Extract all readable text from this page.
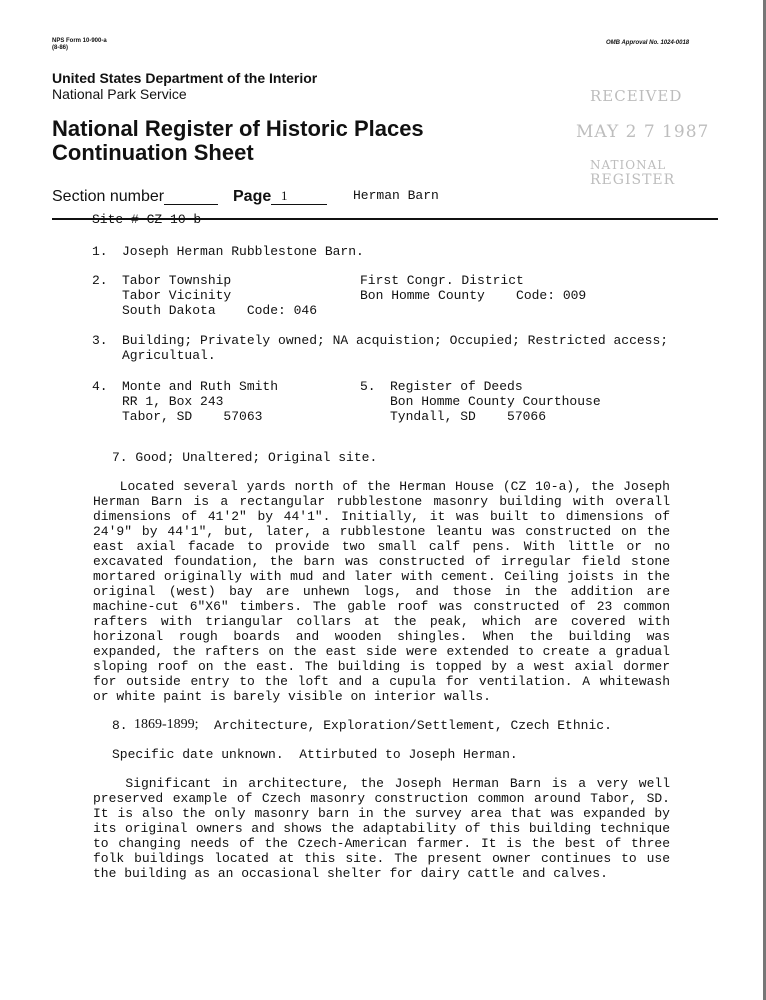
NPS Form 10-900-a
(8-86)
OMB Approval No. 1024-0018
United States Department of the Interior
National Park Service
National Register of Historic Places
Continuation Sheet
RECEIVED
MAY 2 7 1987
NATIONAL
REGISTER
Section number	Page 1	Herman Barn
Site # CZ 10-b
1. Joseph Herman Rubblestone Barn.
2. Tabor Township
Tabor Vicinity
South Dakota    Code: 046
First Congr. District
Bon Homme County    Code: 009
3. Building; Privately owned; NA acquistion; Occupied; Restricted access;
Agricultual.
4. Monte and Ruth Smith
RR 1, Box 243
Tabor, SD    57063
5. Register of Deeds
Bon Homme County Courthouse
Tyndall, SD    57066
7. Good; Unaltered; Original site.

Located several yards north of the Herman House (CZ 10-a), the Joseph Herman Barn is a rectangular rubblestone masonry building with overall dimensions of 41'2" by 44'1". Initially, it was built to dimensions of 24'9" by 44'1", but, later, a rubblestone leantu was constructed on the east axial facade to provide two small calf pens. With little or no excavated foundation, the barn was constructed of irregular field stone mortared originally with mud and later with cement. Ceiling joists in the original (west) bay are unhewn logs, and those in the addition are machine-cut 6"X6" timbers. The gable roof was constructed of 23 common rafters with triangular collars at the peak, which are covered with horizonal rough boards and wooden shingles. When the building was expanded, the rafters on the east side were extended to create a gradual sloping roof on the east. The building is topped by a west axial dormer for outside entry to the loft and a cupula for ventilation. A whitewash or white paint is barely visible on interior walls.

8. 1869-1899; Architecture, Exploration/Settlement, Czech Ethnic.
Specific date unknown.  Attirbuted to Joseph Herman.

Significant in architecture, the Joseph Herman Barn is a very well preserved example of Czech masonry construction common around Tabor, SD. It is also the only masonry barn in the survey area that was expanded by its original owners and shows the adaptability of this building technique to changing needs of the Czech-American farmer. It is the best of three folk buildings located at this site. The present owner continues to use the building as an occasional shelter for dairy cattle and calves.
